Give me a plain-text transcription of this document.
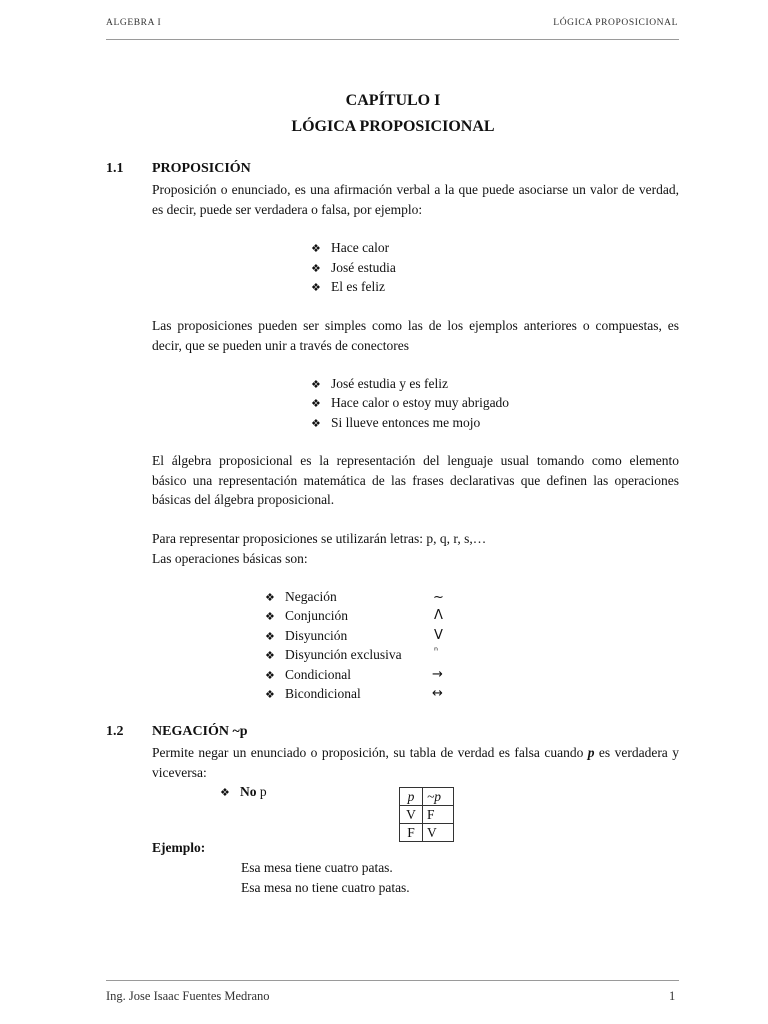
ALGEBRA I	LÓGICA PROPOSICIONAL
CAPÍTULO I
LÓGICA PROPOSICIONAL
1.1 PROPOSICIÓN
Proposición o enunciado, es una afirmación verbal a la que puede asociarse un valor de verdad,
es decir, puede ser verdadera o falsa, por ejemplo:
❖ Hace calor
❖ José estudia
❖ El es feliz
Las proposiciones pueden ser simples como las de los ejemplos anteriores o compuestas, es
decir, que se pueden unir a través de conectores
❖ José estudia y es feliz
❖ Hace calor o estoy muy abrigado
❖ Si llueve entonces me mojo
El álgebra proposicional es la representación del lenguaje usual tomando como elemento
básico una representación matemática de las frases declarativas que definen las operaciones
básicas del álgebra proposicional.
Para representar proposiciones se utilizarán letras: p, q, r, s,…
Las operaciones básicas son:
❖ Negación	~
❖ Conjunción	Λ
❖ Disyunción	V
❖ Disyunción exclusiva	ⁿ
❖ Condicional	→
❖ Bicondicional	↔
1.2 NEGACIÓN ~p
Permite negar un enunciado o proposición, su tabla de verdad es falsa cuando p es verdadera y
viceversa:
❖ No p	p	~p
V	F
F	V
Ejemplo:
Esa mesa tiene cuatro patas.
Esa mesa no tiene cuatro patas.
Ing. Jose Isaac Fuentes Medrano	1
